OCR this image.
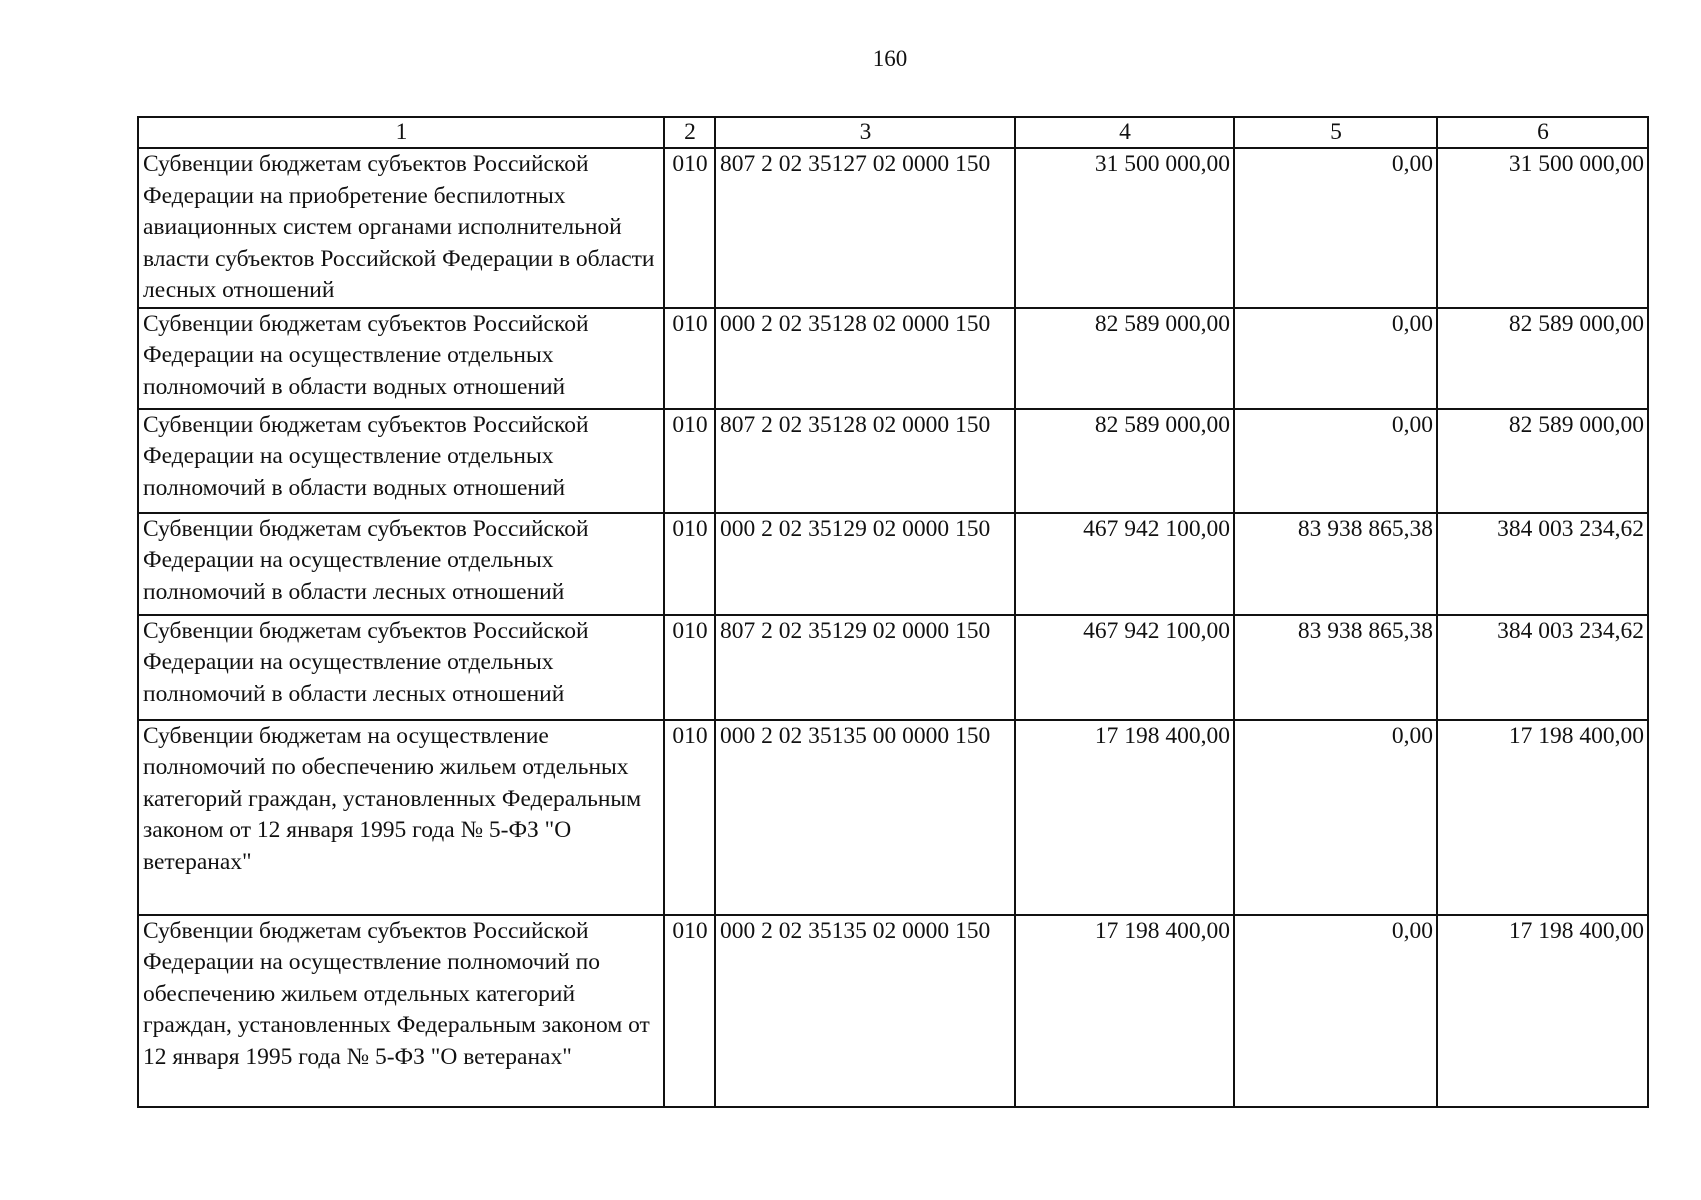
160
1	2	3	4	5	6
Субвенции бюджетам субъектов Российской Федерации на приобретение беспилотных авиационных систем органами исполнительной власти субъектов Российской Федерации в области лесных отношений	010	807 2 02 35127 02 0000 150	31 500 000,00	0,00	31 500 000,00
Субвенции бюджетам субъектов Российской Федерации на осуществление отдельных полномочий в области водных отношений	010	000 2 02 35128 02 0000 150	82 589 000,00	0,00	82 589 000,00
Субвенции бюджетам субъектов Российской Федерации на осуществление отдельных полномочий в области водных отношений	010	807 2 02 35128 02 0000 150	82 589 000,00	0,00	82 589 000,00
Субвенции бюджетам субъектов Российской Федерации на осуществление отдельных полномочий в области лесных отношений	010	000 2 02 35129 02 0000 150	467 942 100,00	83 938 865,38	384 003 234,62
Субвенции бюджетам субъектов Российской Федерации на осуществление отдельных полномочий в области лесных отношений	010	807 2 02 35129 02 0000 150	467 942 100,00	83 938 865,38	384 003 234,62
Субвенции бюджетам на осуществление полномочий по обеспечению жильем отдельных категорий граждан, установленных Федеральным законом от 12 января 1995 года № 5-ФЗ "О ветеранах"	010	000 2 02 35135 00 0000 150	17 198 400,00	0,00	17 198 400,00
Субвенции бюджетам субъектов Российской Федерации на осуществление полномочий по обеспечению жильем отдельных категорий граждан, установленных Федеральным законом от 12 января 1995 года № 5-ФЗ "О ветеранах"	010	000 2 02 35135 02 0000 150	17 198 400,00	0,00	17 198 400,00
